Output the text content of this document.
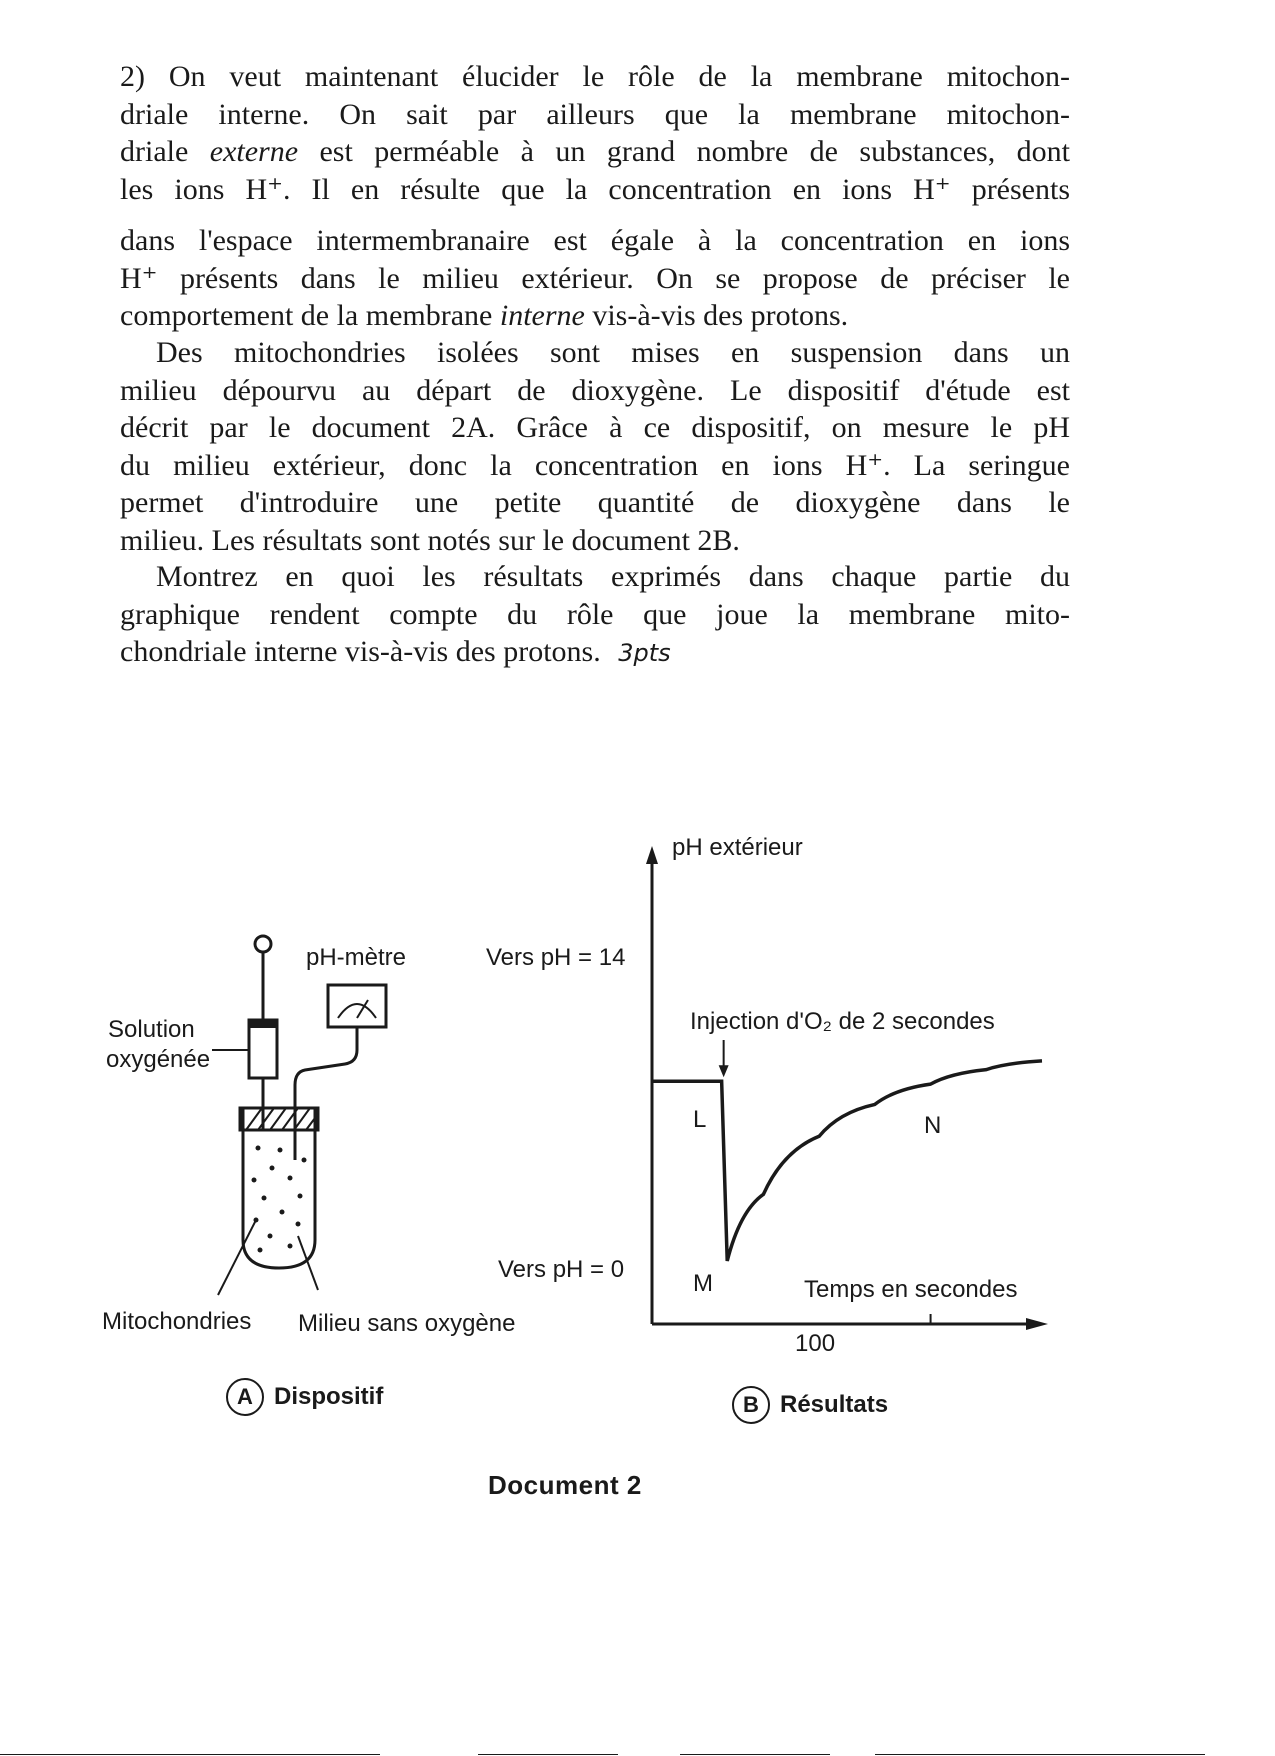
2) On veut maintenant élucider le rôle de la membrane mitochon-
driale interne. On sait par ailleurs que la membrane mitochon-
driale externe est perméable à un grand nombre de substances, dont
les ions H⁺. Il en résulte que la concentration en ions H⁺ présents
dans l'espace intermembranaire est égale à la concentration en ions
H⁺ présents dans le milieu extérieur. On se propose de préciser le
comportement de la membrane interne vis-à-vis des protons.
Des mitochondries isolées sont mises en suspension dans un
milieu dépourvu au départ de dioxygène. Le dispositif d'étude est
décrit par le document 2A. Grâce à ce dispositif, on mesure le pH
du milieu extérieur, donc la concentration en ions H⁺. La seringue
permet d'introduire une petite quantité de dioxygène dans le
milieu. Les résultats sont notés sur le document 2B.
Montrez en quoi les résultats exprimés dans chaque partie du
graphique rendent compte du rôle que joue la membrane mito-
chondriale interne vis-à-vis des protons. 3pts

pH-mètre

Solution

oxygénée

Mitochondries Milieu sans oxygène

A Dispositif

pH extérieur

Vers pH = 14

Vers pH = 0

Injection d'O₂ de 2 secondes

Temps en secondes

100

L

M

N

B Résultats

Document 2
